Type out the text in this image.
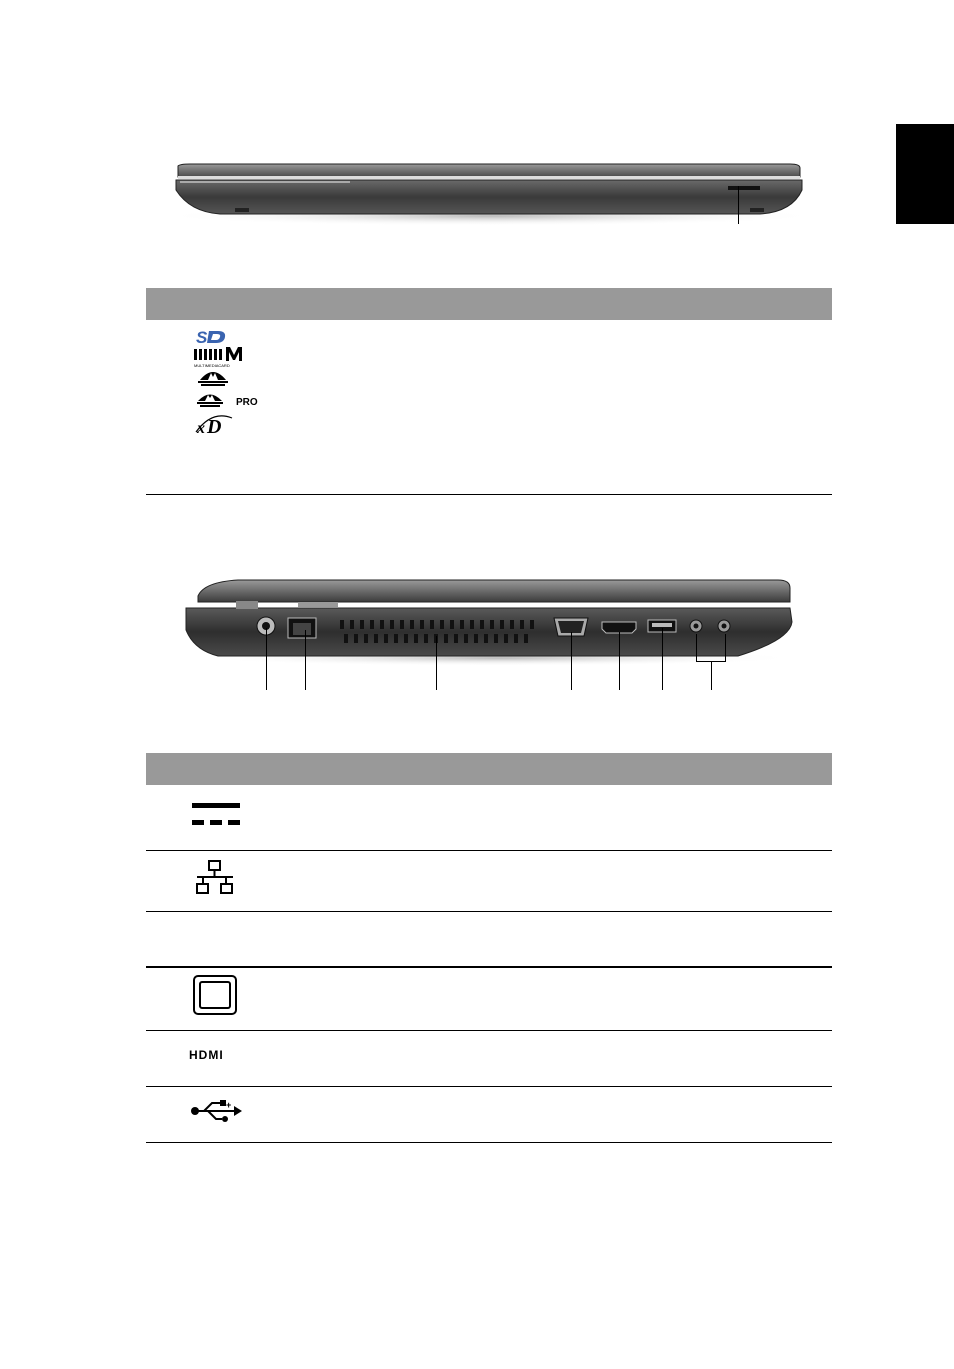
S
MULTIMEDIACARD
PRO
x D
HDMI
+
